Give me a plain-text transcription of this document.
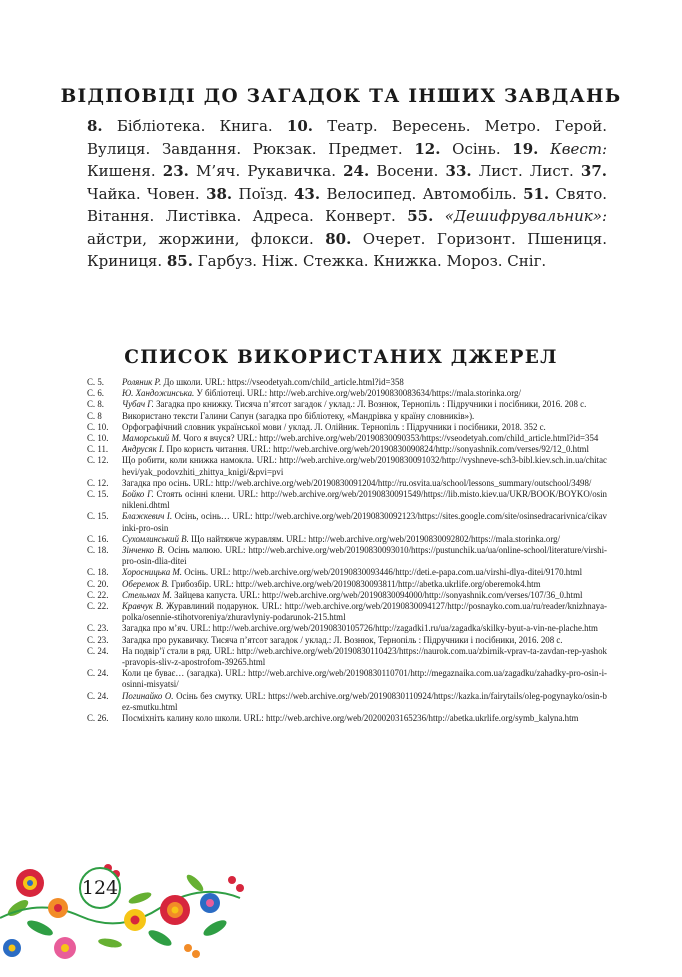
ВІДПОВІДІ ДО ЗАГАДОК ТА ІНШИХ ЗАВДАНЬ

8. Бібліотека. Книга. 10. Театр. Вересень. Метро. Герой. Вулиця. Завдання. Рюкзак. Предмет. 12. Осінь. 19. Квест: Кишеня. 23. М’яч. Рукавичка. 24. Восени. 33. Лист. Лист. 37. Чайка. Човен. 38. Поїзд. 43. Велосипед. Автомобіль. 51. Свято. Вітання. Листівка. Адреса. Конверт. 55. «Дешифрувальник»: айстри, жоржини, флокси. 80. Очерет. Горизонт. Пшениця. Криниця. 85. Гарбуз. Ніж. Стежка. Книжка. Мороз. Сніг.

СПИСОК ВИКОРИСТАНИХ ДЖЕРЕЛ
С. 5.	Роляник Р. До школи. URL: https://vseodetyah.com/child_article.html?id=358
С. 6.	Ю. Хандожинська. У бібліотеці. URL: http://web.archive.org/web/20190830083634/https://mala.storinka.org/
С. 8.	Чубач Г. Загадка про книжку. Тисяча п’ятсот загадок / уклад.: Л. Вознюк, Тернопіль : Підручники і посібники, 2016. 208 с.
С. 8	Використано тексти Галини Сапун (загадка про бібліотеку, «Мандрівка у країну словників»).
С. 10.	Орфографічний словник української мови / уклад. Л. Олійник. Тернопіль : Підручники і посібники, 2018. 352 с.
С. 10.	Маморський М. Чого я вчуся? URL: http://web.archive.org/web/20190830090353/https://vseodetyah.com/child_article.html?id=354
С. 11.	Андрусяк І. Про користь читання. URL: http://web.archive.org/web/20190830090824/http://sonyashnik.com/verses/92/12_0.html
С. 12.	Що робити, коли книжка намокла. URL: http://web.archive.org/web/20190830091032/http://vyshneve-sch3-bibl.kiev.sch.in.ua/chitachevi/yak_podovzhiti_zhittya_knigi/&pvi=pvi
С. 12.	Загадка про осінь. URL: http://web.archive.org/web/20190830091204/http://ru.osvita.ua/school/lessons_summary/outschool/3498/
С. 15.	Бойко Г. Стоять осінні клени. URL: http://web.archive.org/web/20190830091549/https://lib.misto.kiev.ua/UKR/BOOK/BOYKO/osinnikleni.dhtml
С. 15.	Блажкевич І. Осінь, осінь… URL: http://web.archive.org/web/20190830092123/https://sites.google.com/site/osinsedracarivnica/cikavinki-pro-osin
С. 16.	Сухомлинський В. Що найтяжче журавлям. URL: http://web.archive.org/web/20190830092802/https://mala.storinka.org/
С. 18.	Зінченко В. Осінь малюю. URL: http://web.archive.org/web/20190830093010/https://pustunchik.ua/ua/online-school/literature/virshi-pro-osin-dlia-ditei
С. 18.	Хоросницька М. Осінь. URL: http://web.archive.org/web/20190830093446/http://deti.e-papa.com.ua/virshi-dlya-ditei/9170.html
С. 20.	Оберемок В. Грибозбір. URL: http://web.archive.org/web/20190830093811/http://abetka.ukrlife.org/oberemok4.htm
С. 22.	Стельмах М. Зайцева капуста. URL: http://web.archive.org/web/20190830094000/http://sonyashnik.com/verses/107/36_0.html
С. 22.	Кравчук В. Журавлиний подарунок. URL: http://web.archive.org/web/20190830094127/http://posnayko.com.ua/ru/reader/knizhnaya-polka/osennie-stihotvoreniya/zhuravlyniy-podarunok-215.html
С. 23.	Загадка про м’яч. URL: http://web.archive.org/web/20190830105726/http://zagadki1.ru/ua/zagadka/skilky-byut-a-vin-ne-plache.htm
С. 23.	Загадка про рукавичку. Тисяча п’ятсот загадок / уклад.: Л. Вознюк, Тернопіль : Підручники і посібники, 2016. 208 с.
С. 24.	На подвір’ї стали в ряд. URL: http://web.archive.org/web/20190830110423/https://naurok.com.ua/zbirnik-vprav-ta-zavdan-rep-yashok-pravopis-sliv-z-apostrofom-39265.html
С. 24.	Коли це буває… (загадка). URL: http://web.archive.org/web/20190830110701/http://megaznaika.com.ua/zagadku/zahadky-pro-osin-i-osinni-misyatsi/
С. 24.	Погинайко О. Осінь без смутку. URL: https://web.archive.org/web/20190830110924/https://kazka.in/fairytails/oleg-pogynayko/osin-bez-smutku.html
С. 26.	Посміхніть калину коло школи. URL: http://web.archive.org/web/20200203165236/http://abetka.ukrlife.org/symb_kalyna.htm
124
